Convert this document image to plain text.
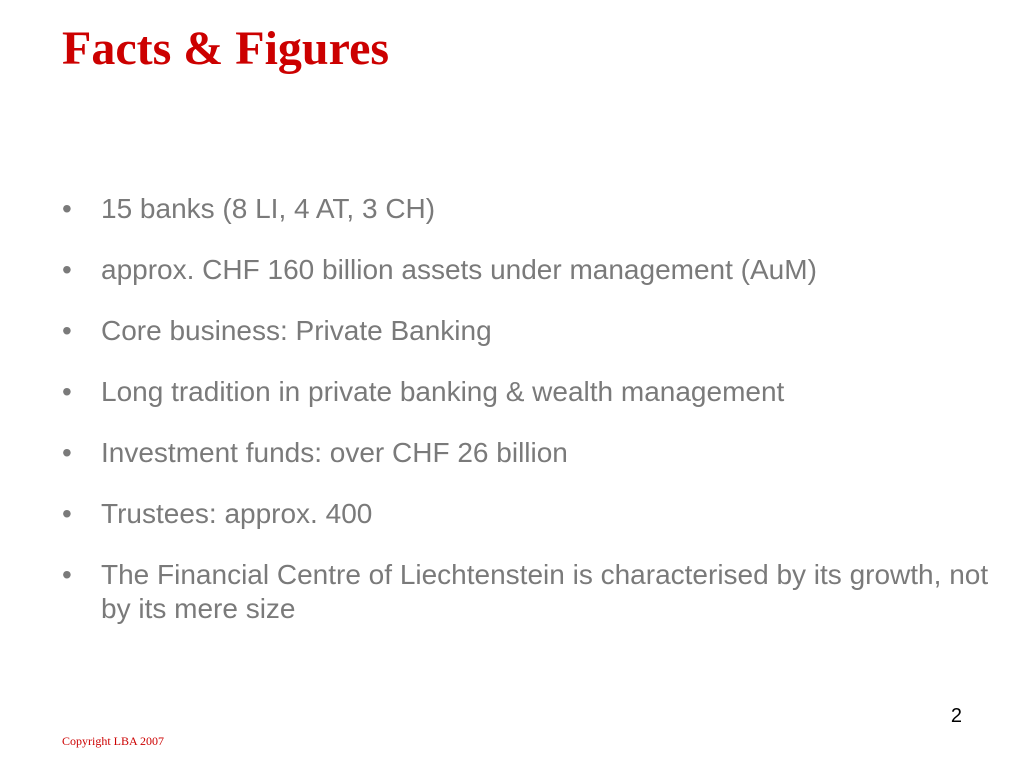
Facts & Figures
•	15 banks (8 LI, 4 AT, 3 CH)
•	approx. CHF 160 billion assets under management (AuM)
•	Core business: Private Banking
•	Long tradition in private banking & wealth management
•	Investment funds: over CHF 26 billion
•	Trustees: approx. 400
•	The Financial Centre of Liechtenstein is characterised by its growth, not by its mere size
2
Copyright LBA 2007
